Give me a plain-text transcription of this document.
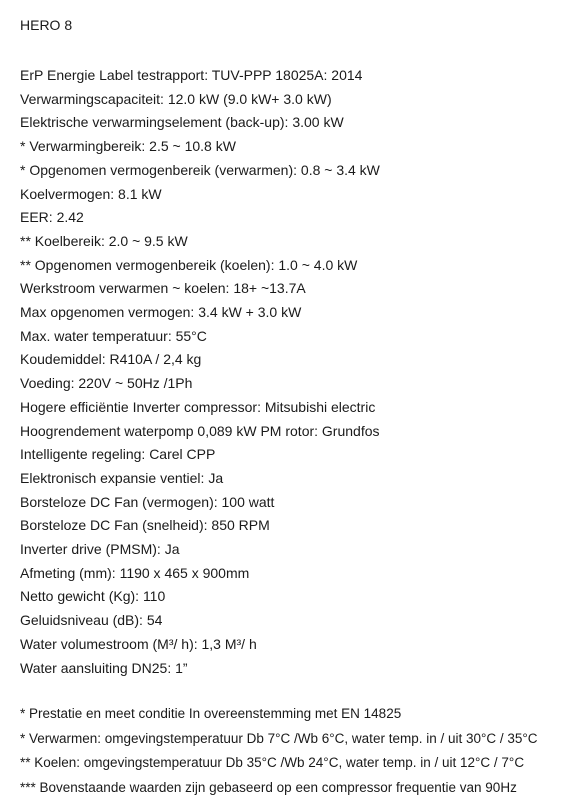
HERO 8
ErP Energie Label testrapport: TUV-PPP 18025A: 2014
Verwarmingscapaciteit: 12.0 kW (9.0 kW+ 3.0 kW)
Elektrische verwarmingselement (back-up): 3.00 kW
* Verwarmingbereik: 2.5 ~ 10.8 kW
* Opgenomen vermogenbereik (verwarmen): 0.8 ~ 3.4 kW
Koelvermogen: 8.1 kW
EER: 2.42
** Koelbereik: 2.0 ~ 9.5 kW
** Opgenomen vermogenbereik (koelen): 1.0 ~ 4.0 kW
Werkstroom verwarmen ~ koelen: 18+ ~13.7A
Max opgenomen vermogen: 3.4 kW + 3.0 kW
Max. water temperatuur: 55°C
Koudemiddel: R410A / 2,4 kg
Voeding: 220V ~ 50Hz /1Ph
Hogere efficiëntie Inverter compressor: Mitsubishi electric
Hoogrendement waterpomp 0,089 kW PM rotor: Grundfos
Intelligente regeling: Carel CPP
Elektronisch expansie ventiel: Ja
Borsteloze DC Fan (vermogen): 100 watt
Borsteloze DC Fan (snelheid): 850 RPM
Inverter drive (PMSM): Ja
Afmeting (mm): 1190 x 465 x 900mm
Netto gewicht (Kg): 110
Geluidsniveau (dB): 54
Water volumestroom (M³/ h): 1,3 M³/ h
Water aansluiting DN25: 1”
* Prestatie en meet conditie In overeenstemming met EN 14825
* Verwarmen: omgevingstemperatuur Db 7°C /Wb 6°C, water temp. in / uit 30°C / 35°C
** Koelen: omgevingstemperatuur Db 35°C /Wb 24°C, water temp. in / uit 12°C / 7°C
*** Bovenstaande waarden zijn gebaseerd op een compressor frequentie van 90Hz
